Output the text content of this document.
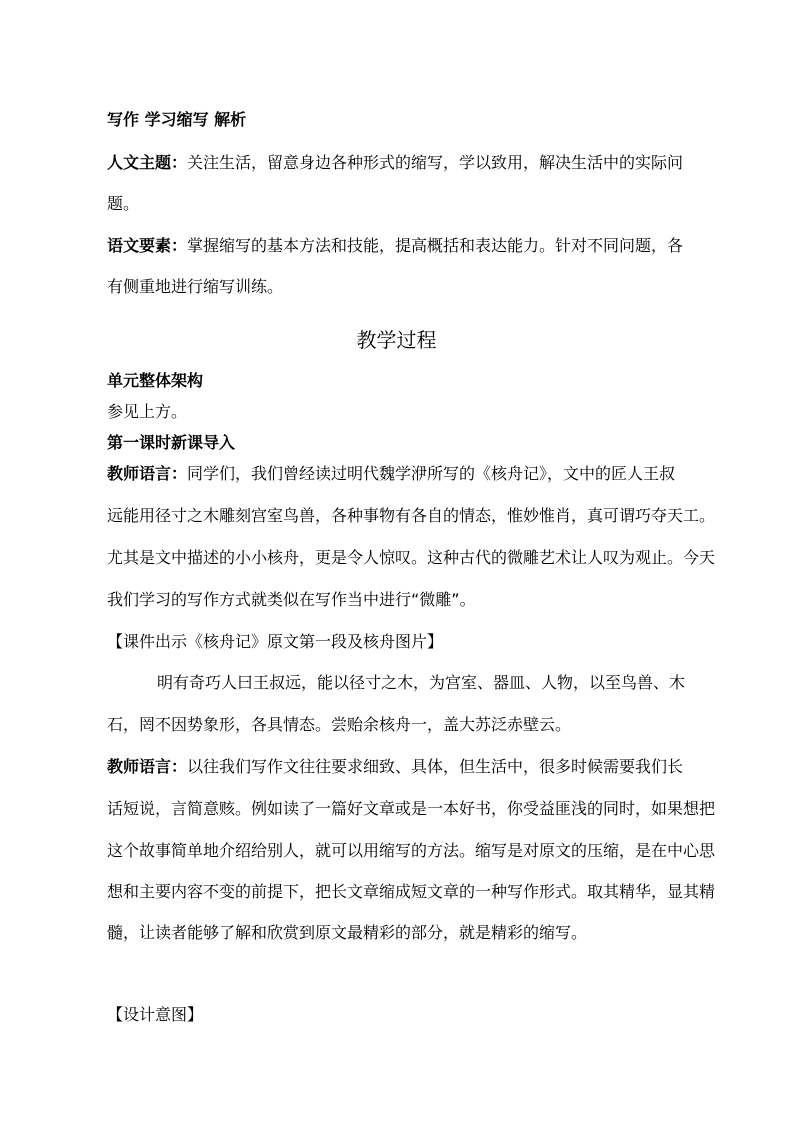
写作 学习缩写 解析

人文主题：关注生活，留意身边各种形式的缩写，学以致用，解决生活中的实际问

题。

语文要素：掌握缩写的基本方法和技能，提高概括和表达能力。针对不同问题，各

有侧重地进行缩写训练。

教学过程

单元整体架构

参见上方。

第一课时新课导入

教师语言：同学们，我们曾经读过明代魏学洢所写的《核舟记》，文中的匠人王叔

远能用径寸之木雕刻宫室鸟兽，各种事物有各自的情态，惟妙惟肖，真可谓巧夺天工。

尤其是文中描述的小小核舟，更是令人惊叹。这种古代的微雕艺术让人叹为观止。今天

我们学习的写作方式就类似在写作当中进行“微雕”。

【课件出示《核舟记》原文第一段及核舟图片】

明有奇巧人曰王叔远，能以径寸之木，为宫室、器皿、人物，以至鸟兽、木

石，罔不因势象形，各具情态。尝贻余核舟一，盖大苏泛赤壁云。

教师语言：以往我们写作文往往要求细致、具体，但生活中，很多时候需要我们长

话短说，言简意赅。例如读了一篇好文章或是一本好书，你受益匪浅的同时，如果想把

这个故事简单地介绍给别人，就可以用缩写的方法。缩写是对原文的压缩，是在中心思

想和主要内容不变的前提下，把长文章缩成短文章的一种写作形式。取其精华，显其精

髓，让读者能够了解和欣赏到原文最精彩的部分，就是精彩的缩写。

【设计意图】
